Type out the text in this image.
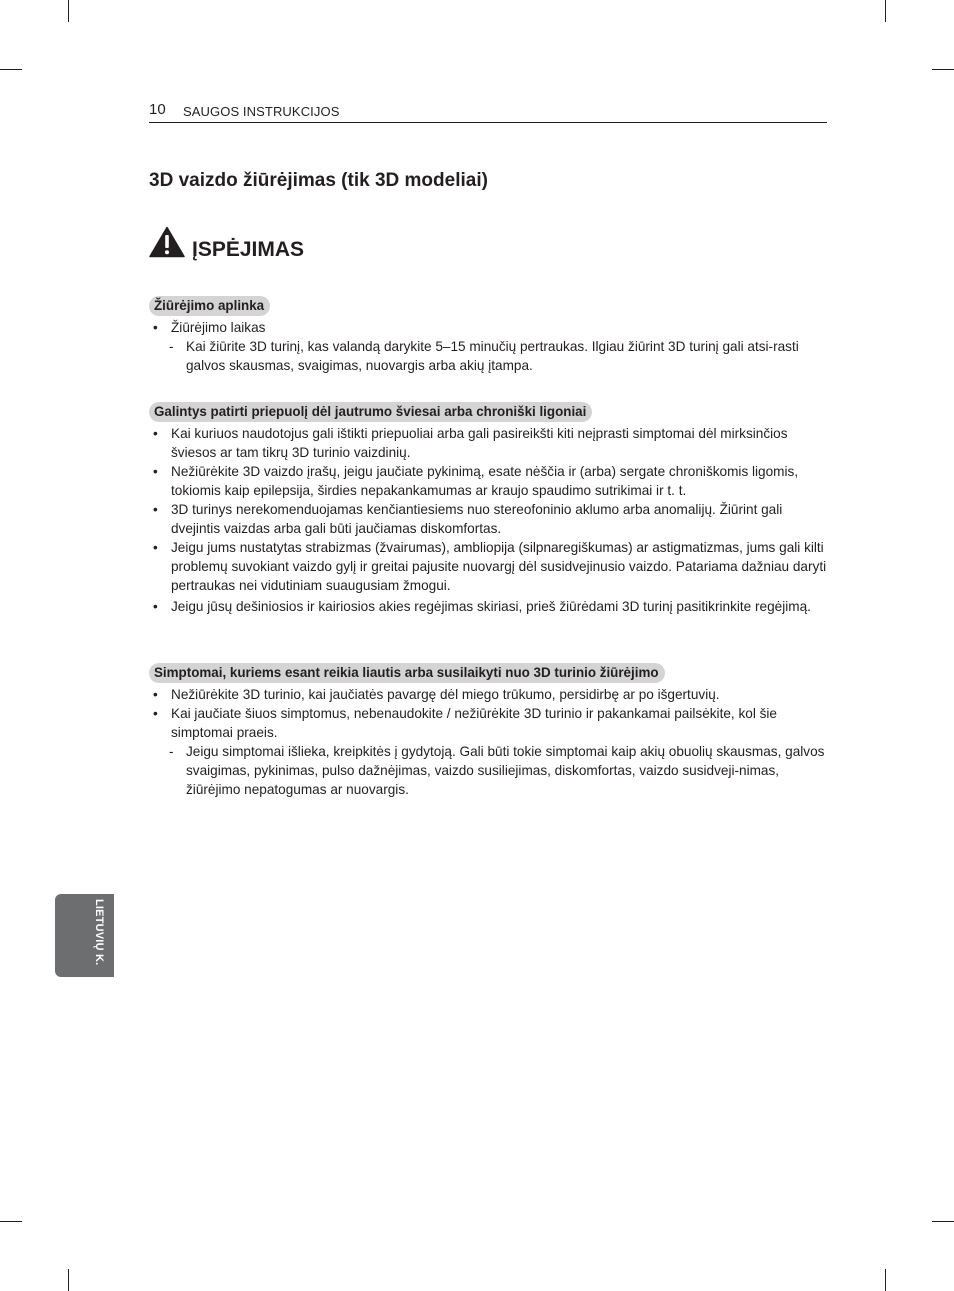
10 SAUGOS INSTRUKCIJOS
3D vaizdo žiūrėjimas (tik 3D modeliai)
ĮSPĖJIMAS
Žiūrėjimo aplinka
• Žiūrėjimo laikas
- Kai žiūrite 3D turinį, kas valandą darykite 5–15 minučių pertraukas. Ilgiau žiūrint 3D turinį gali atsi-rasti galvos skausmas, svaigimas, nuovargis arba akių įtampa.
Galintys patirti priepuolį dėl jautrumo šviesai arba chroniški ligoniai
• Kai kuriuos naudotojus gali ištikti priepuoliai arba gali pasireikšti kiti neįprasti simptomai dėl mirksinčios šviesos ar tam tikrų 3D turinio vaizdinių.
• Nežiūrėkite 3D vaizdo įrašų, jeigu jaučiate pykinimą, esate nėščia ir (arba) sergate chroniškomis ligomis, tokiomis kaip epilepsija, širdies nepakankamumas ar kraujo spaudimo sutrikimai ir t. t.
• 3D turinys nerekomenduojamas kenčiantiesiems nuo stereofoninio aklumo arba anomalijų. Žiūrint gali dvejintis vaizdas arba gali būti jaučiamas diskomfortas.
• Jeigu jums nustatytas strabizmas (žvairumas), ambliopija (silpnaregiškumas) ar astigmatizmas, jums gali kilti problemų suvokiant vaizdo gylį ir greitai pajusite nuovargį dėl susidvejinusio vaizdo. Patariama dažniau daryti pertraukas nei vidutiniam suaugusiam žmogui.
• Jeigu jūsų dešiniosios ir kairiosios akies regėjimas skiriasi, prieš žiūrėdami 3D turinį pasitikrinkite regėjimą.
Simptomai, kuriems esant reikia liautis arba susilaikyti nuo 3D turinio žiūrėjimo
• Nežiūrėkite 3D turinio, kai jaučiatės pavargę dėl miego trūkumo, persidirbę ar po išgertuvių.
• Kai jaučiate šiuos simptomus, nebenaudokite / nežiūrėkite 3D turinio ir pakankamai pailsėkite, kol šie simptomai praeis.
- Jeigu simptomai išlieka, kreipkitės į gydytoją. Gali būti tokie simptomai kaip akių obuolių skausmas, galvos svaigimas, pykinimas, pulso dažnėjimas, vaizdo susiliejimas, diskomfortas, vaizdo susidveji-nimas, žiūrėjimo nepatogumas ar nuovargis.
LIETUVIŲ K.
